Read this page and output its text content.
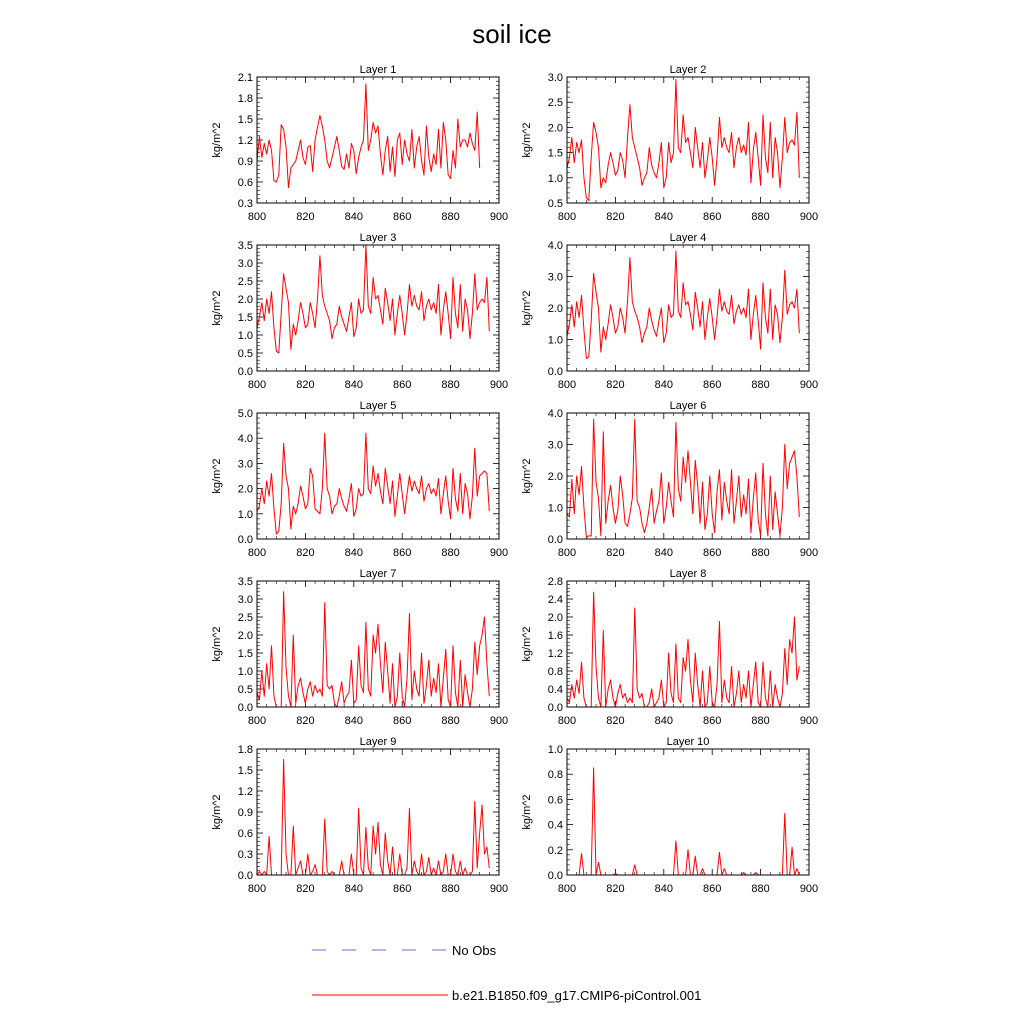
soil ice
Layer 1
kg/m^2
0.3
0.6
0.9
1.2
1.5
1.8
2.1
800	820	840	860	880	900
Layer 2
kg/m^2
0.5
1.0
1.5
2.0
2.5
3.0
800	820	840	860	880	900
Layer 3
kg/m^2
0.0
0.5
1.0
1.5
2.0
2.5
3.0
3.5
800	820	840	860	880	900
Layer 4
kg/m^2
0.0
1.0
2.0
3.0
4.0
800	820	840	860	880	900
Layer 5
kg/m^2
0.0
1.0
2.0
3.0
4.0
5.0
800	820	840	860	880	900
Layer 6
kg/m^2
0.0
1.0
2.0
3.0
4.0
800	820	840	860	880	900
Layer 7
kg/m^2
0.0
0.5
1.0
1.5
2.0
2.5
3.0
3.5
800	820	840	860	880	900
Layer 8
kg/m^2
0.0
0.4
0.8
1.2
1.6
2.0
2.4
2.8
800	820	840	860	880	900
Layer 9
kg/m^2
0.0
0.3
0.6
0.9
1.2
1.5
1.8
800	820	840	860	880	900
Layer 10
kg/m^2
0.0
0.2
0.4
0.6
0.8
1.0
800	820	840	860	880	900
No Obs
b.e21.B1850.f09_g17.CMIP6-piControl.001
